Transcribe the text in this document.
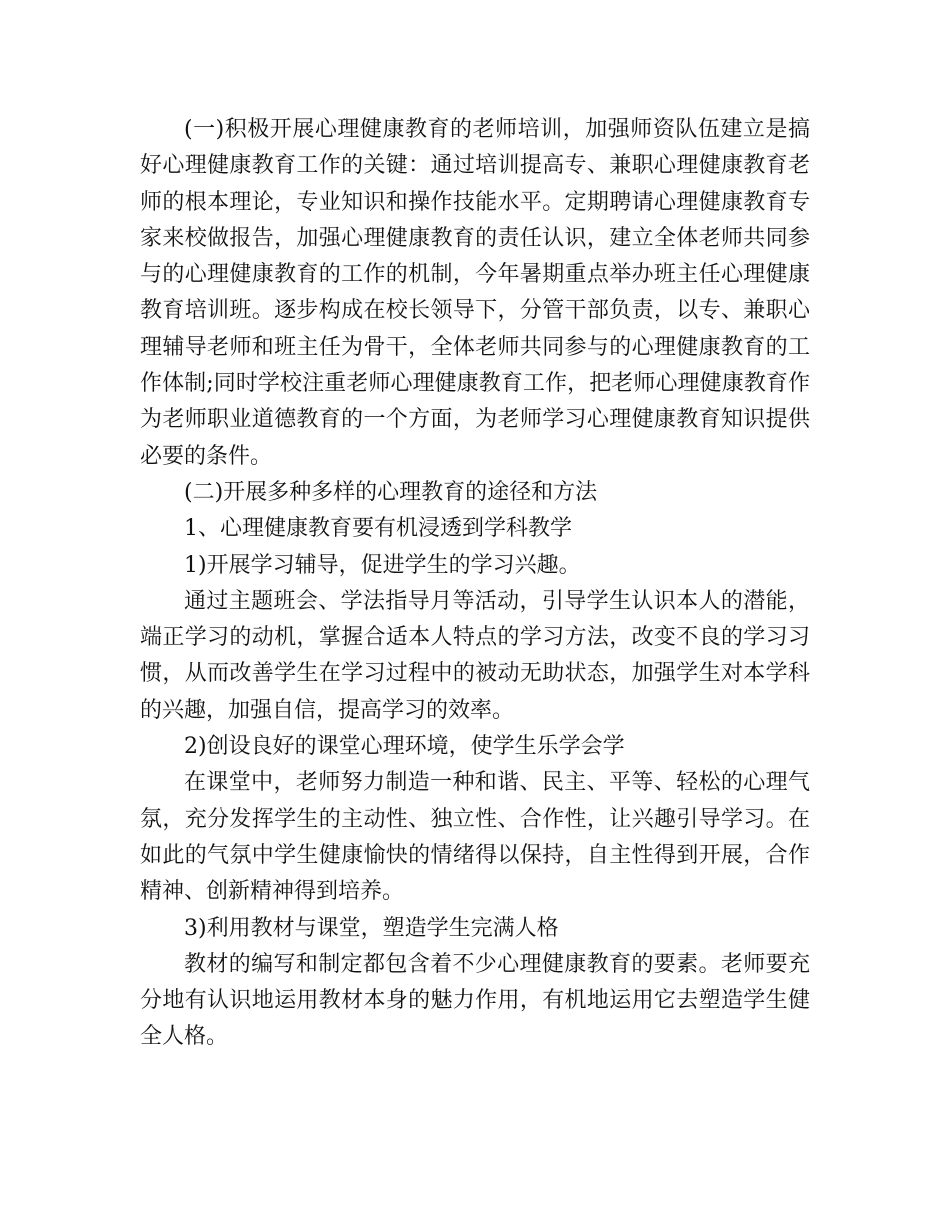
(一)积极开展心理健康教育的老师培训，加强师资队伍建立是搞好心理健康教育工作的关键：通过培训提高专、兼职心理健康教育老师的根本理论，专业知识和操作技能水平。定期聘请心理健康教育专家来校做报告，加强心理健康教育的责任认识，建立全体老师共同参与的心理健康教育的工作的机制，今年暑期重点举办班主任心理健康教育培训班。逐步构成在校长领导下，分管干部负责，以专、兼职心理辅导老师和班主任为骨干，全体老师共同参与的心理健康教育的工作体制;同时学校注重老师心理健康教育工作，把老师心理健康教育作为老师职业道德教育的一个方面，为老师学习心理健康教育知识提供必要的条件。

(二)开展多种多样的心理教育的途径和方法

1、心理健康教育要有机浸透到学科教学

1)开展学习辅导，促进学生的学习兴趣。

通过主题班会、学法指导月等活动，引导学生认识本人的潜能，端正学习的动机，掌握合适本人特点的学习方法，改变不良的学习习惯，从而改善学生在学习过程中的被动无助状态，加强学生对本学科的兴趣，加强自信，提高学习的效率。

2)创设良好的课堂心理环境，使学生乐学会学

在课堂中，老师努力制造一种和谐、民主、平等、轻松的心理气氛，充分发挥学生的主动性、独立性、合作性，让兴趣引导学习。在如此的气氛中学生健康愉快的情绪得以保持，自主性得到开展，合作精神、创新精神得到培养。

3)利用教材与课堂，塑造学生完满人格

教材的编写和制定都包含着不少心理健康教育的要素。老师要充分地有认识地运用教材本身的魅力作用，有机地运用它去塑造学生健全人格。
